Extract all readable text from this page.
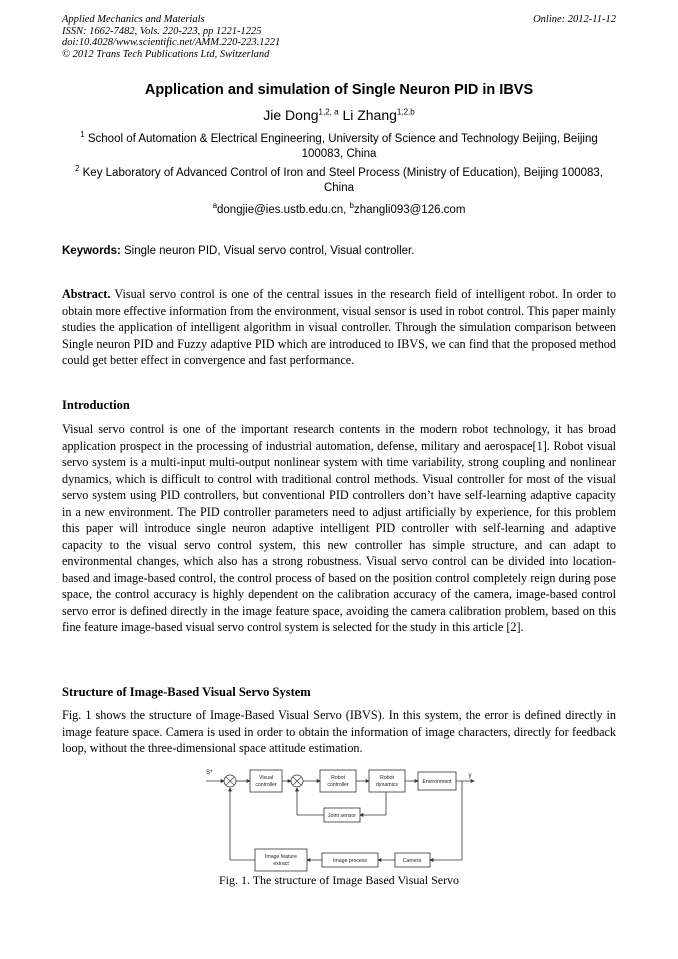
Applied Mechanics and Materials
ISSN: 1662-7482, Vols. 220-223, pp 1221-1225
doi:10.4028/www.scientific.net/AMM.220-223.1221
© 2012 Trans Tech Publications Ltd, Switzerland
Online: 2012-11-12
Application and simulation of Single Neuron PID in IBVS
Jie Dong$^{1,2, a}$ Li Zhang$^{1,2,b}$
$^1$ School of Automation & Electrical Engineering, University of Science and Technology Beijing, Beijing 100083, China
$^2$ Key Laboratory of Advanced Control of Iron and Steel Process (Ministry of Education), Beijing 100083, China
$^a$dongjie@ies.ustb.edu.cn, $^b$zhangli093@126.com
Keywords: Single neuron PID, Visual servo control, Visual controller.
Abstract. Visual servo control is one of the central issues in the research field of intelligent robot. In order to obtain more effective information from the environment, visual sensor is used in robot control. This paper mainly studies the application of intelligent algorithm in visual controller. Through the simulation comparison between Single neuron PID and Fuzzy adaptive PID which are introduced to IBVS, we can find that the proposed method could get better effect in convergence and fast performance.
Introduction
Visual servo control is one of the important research contents in the modern robot technology, it has broad application prospect in the processing of industrial automation, defense, military and aerospace[1]. Robot visual servo system is a multi-input multi-output nonlinear system with time variability, strong coupling and nonlinear dynamics, which is difficult to control with traditional control methods. Visual controller for most of the visual servo system using PID controllers, but conventional PID controllers don’t have self-learning adaptive capacity in a new environment. The PID controller parameters need to adjust artificially by experience, for this problem this paper will introduce single neuron adaptive intelligent PID controller with self-learning and adaptive capacity to the visual servo control system, this new controller has simple structure, and can adapt to environmental changes, which also has a strong robustness. Visual servo control can be divided into location-based and image-based control, the control process of based on the position control completely reign during pose space, the control accuracy is highly dependent on the calibration accuracy of the camera, image-based control servo error is defined directly in the image feature space, avoiding the camera calibration problem, based on this fine feature image-based visual servo control system is selected for the study in this article [2].
Structure of Image-Based Visual Servo System
Fig. 1 shows the structure of Image-Based Visual Servo (IBVS). In this system, the error is defined directly in image feature space. Camera is used in order to obtain the information of image characters, directly for feedback loop, without the three-dimensional space attitude estimation.
S*	y
Visual
controller
Robot
controller
Robot
dynamics	Environment
Joint sensor
Camera
Image process
Image feature
extract
Fig. 1. The structure of Image Based Visual Servo
